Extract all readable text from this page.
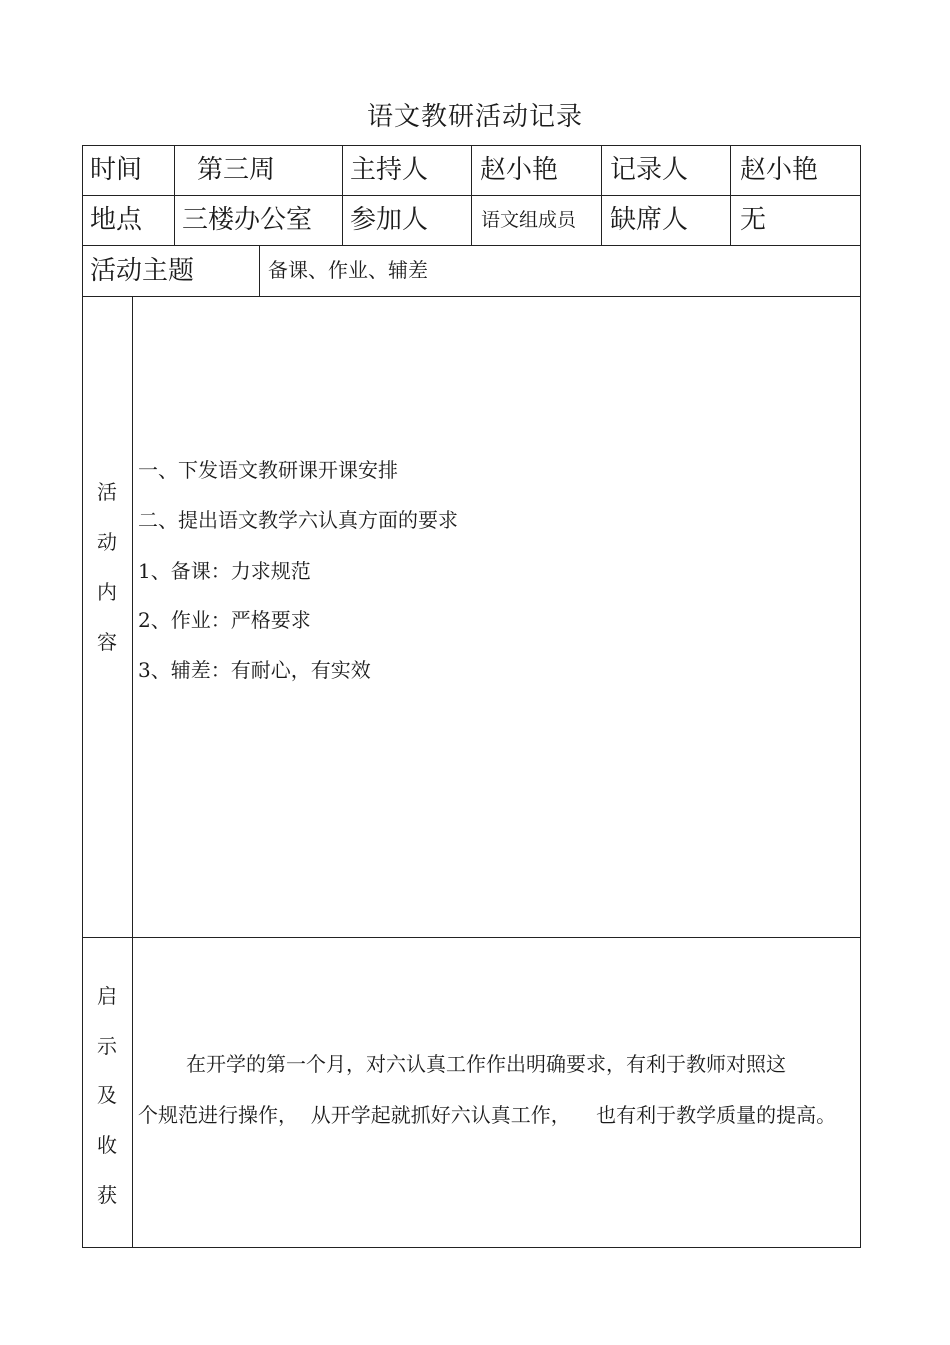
语文教研活动记录
时间 第三周	主持人 赵小艳 记录人 赵小艳
地点 三楼办公室 参加人	语文组成员 缺席人 无
活动主题	备课、作业、辅差
活
动
内
容
一、下发语文教研课开课安排
二、提出语文教学六认真方面的要求
1、备课：力求规范
2、作业：严格要求
3、辅差：有耐心，有实效
启
示
及
收
获
在开学的第一个月，对六认真工作作出明确要求，有利于教师对照这
个规范进行操作，  从开学起就抓好六认真工作，    也有利于教学质量的提高。
